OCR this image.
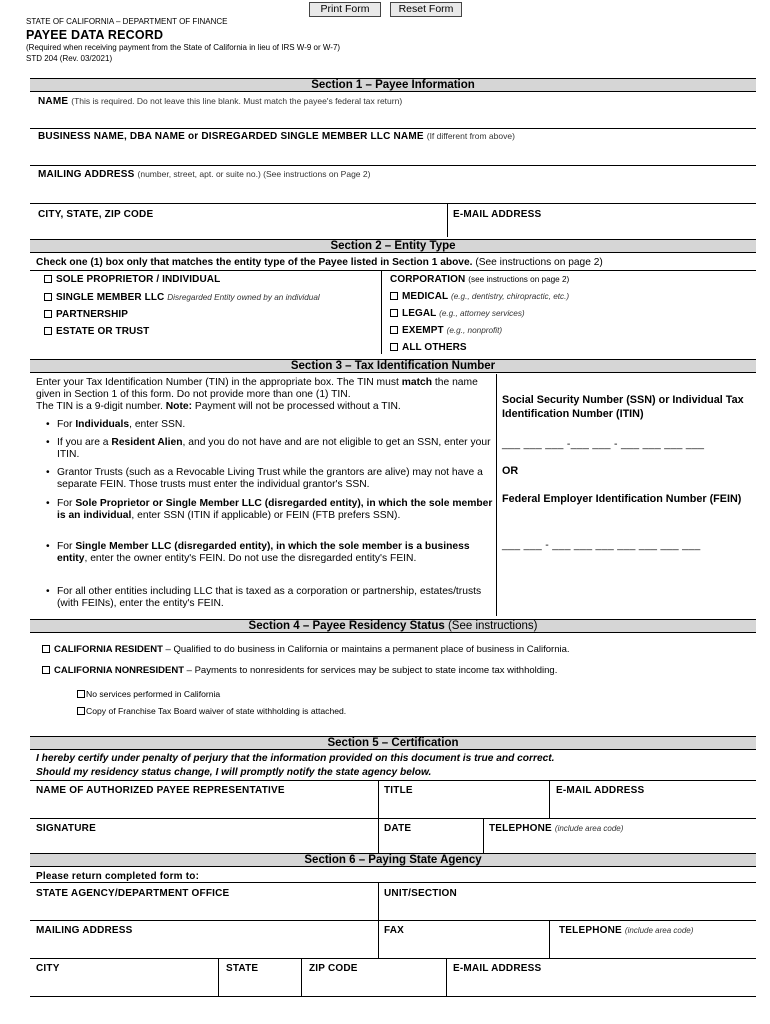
STATE OF CALIFORNIA – DEPARTMENT OF FINANCE
PAYEE DATA RECORD
(Required when receiving payment from the State of California in lieu of IRS W-9 or W-7)
STD 204 (Rev. 03/2021)
Print Form	Reset Form
Section 1 – Payee Information
NAME (This is required. Do not leave this line blank. Must match the payee's federal tax return)
BUSINESS NAME, DBA NAME or DISREGARDED SINGLE MEMBER LLC NAME (If different from above)
MAILING ADDRESS (number, street, apt. or suite no.) (See instructions on Page 2)
CITY, STATE, ZIP CODE	E-MAIL ADDRESS
Section 2 – Entity Type
Check one (1) box only that matches the entity type of the Payee listed in Section 1 above. (See instructions on page 2)
SOLE PROPRIETOR / INDIVIDUAL
SINGLE MEMBER LLC Disregarded Entity owned by an individual
PARTNERSHIP
ESTATE OR TRUST
CORPORATION (see instructions on page 2)
MEDICAL (e.g., dentistry, chiropractic, etc.)
LEGAL (e.g., attorney services)
EXEMPT (e.g., nonprofit)
ALL OTHERS
Section 3 – Tax Identification Number
Enter your Tax Identification Number (TIN) in the appropriate box. The TIN must match the name given in Section 1 of this form. Do not provide more than one (1) TIN.
The TIN is a 9-digit number. Note: Payment will not be processed without a TIN.
• For Individuals, enter SSN.
• If you are a Resident Alien, and you do not have and are not eligible to get an SSN, enter your ITIN.
• Grantor Trusts (such as a Revocable Living Trust while the grantors are alive) may not have a separate FEIN. Those trusts must enter the individual grantor's SSN.
• For Sole Proprietor or Single Member LLC (disregarded entity), in which the sole member is an individual, enter SSN (ITIN if applicable) or FEIN (FTB prefers SSN).
• For Single Member LLC (disregarded entity), in which the sole member is a business entity, enter the owner entity's FEIN. Do not use the disregarded entity's FEIN.
• For all other entities including LLC that is taxed as a corporation or partnership, estates/trusts (with FEINs), enter the entity's FEIN.
Social Security Number (SSN) or Individual Tax Identification Number (ITIN)
___ ___ ___ -___ ___ - ___ ___ ___ ___
OR
Federal Employer Identification Number (FEIN)
___ ___ - ___ ___ ___ ___ ___ ___ ___
Section 4 – Payee Residency Status (See instructions)
CALIFORNIA RESIDENT – Qualified to do business in California or maintains a permanent place of business in California.
CALIFORNIA NONRESIDENT – Payments to nonresidents for services may be subject to state income tax withholding.
No services performed in California
Copy of Franchise Tax Board waiver of state withholding is attached.
Section 5 – Certification
I hereby certify under penalty of perjury that the information provided on this document is true and correct.
Should my residency status change, I will promptly notify the state agency below.
NAME OF AUTHORIZED PAYEE REPRESENTATIVE	TITLE	E-MAIL ADDRESS
SIGNATURE	DATE	TELEPHONE (include area code)
Section 6 – Paying State Agency
Please return completed form to:
STATE AGENCY/DEPARTMENT OFFICE	UNIT/SECTION
MAILING ADDRESS	FAX	TELEPHONE (include area code)
CITY	STATE	ZIP CODE	E-MAIL ADDRESS
